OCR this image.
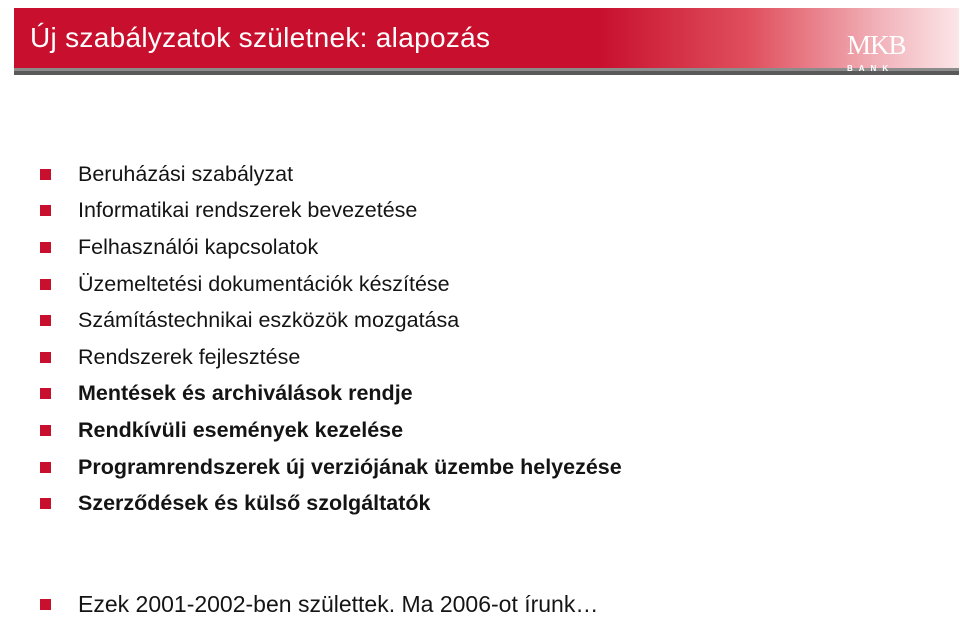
Új szabályzatok születnek: alapozás	MKB
BANK
Beruházási szabályzat
Informatikai rendszerek bevezetése
Felhasználói kapcsolatok
Üzemeltetési dokumentációk készítése
Számítástechnikai eszközök mozgatása
Rendszerek fejlesztése
Mentések és archiválások rendje
Rendkívüli események kezelése
Programrendszerek új verziójának üzembe helyezése
Szerződések és külső szolgáltatók
Ezek 2001-2002-ben születtek. Ma 2006-ot írunk…
